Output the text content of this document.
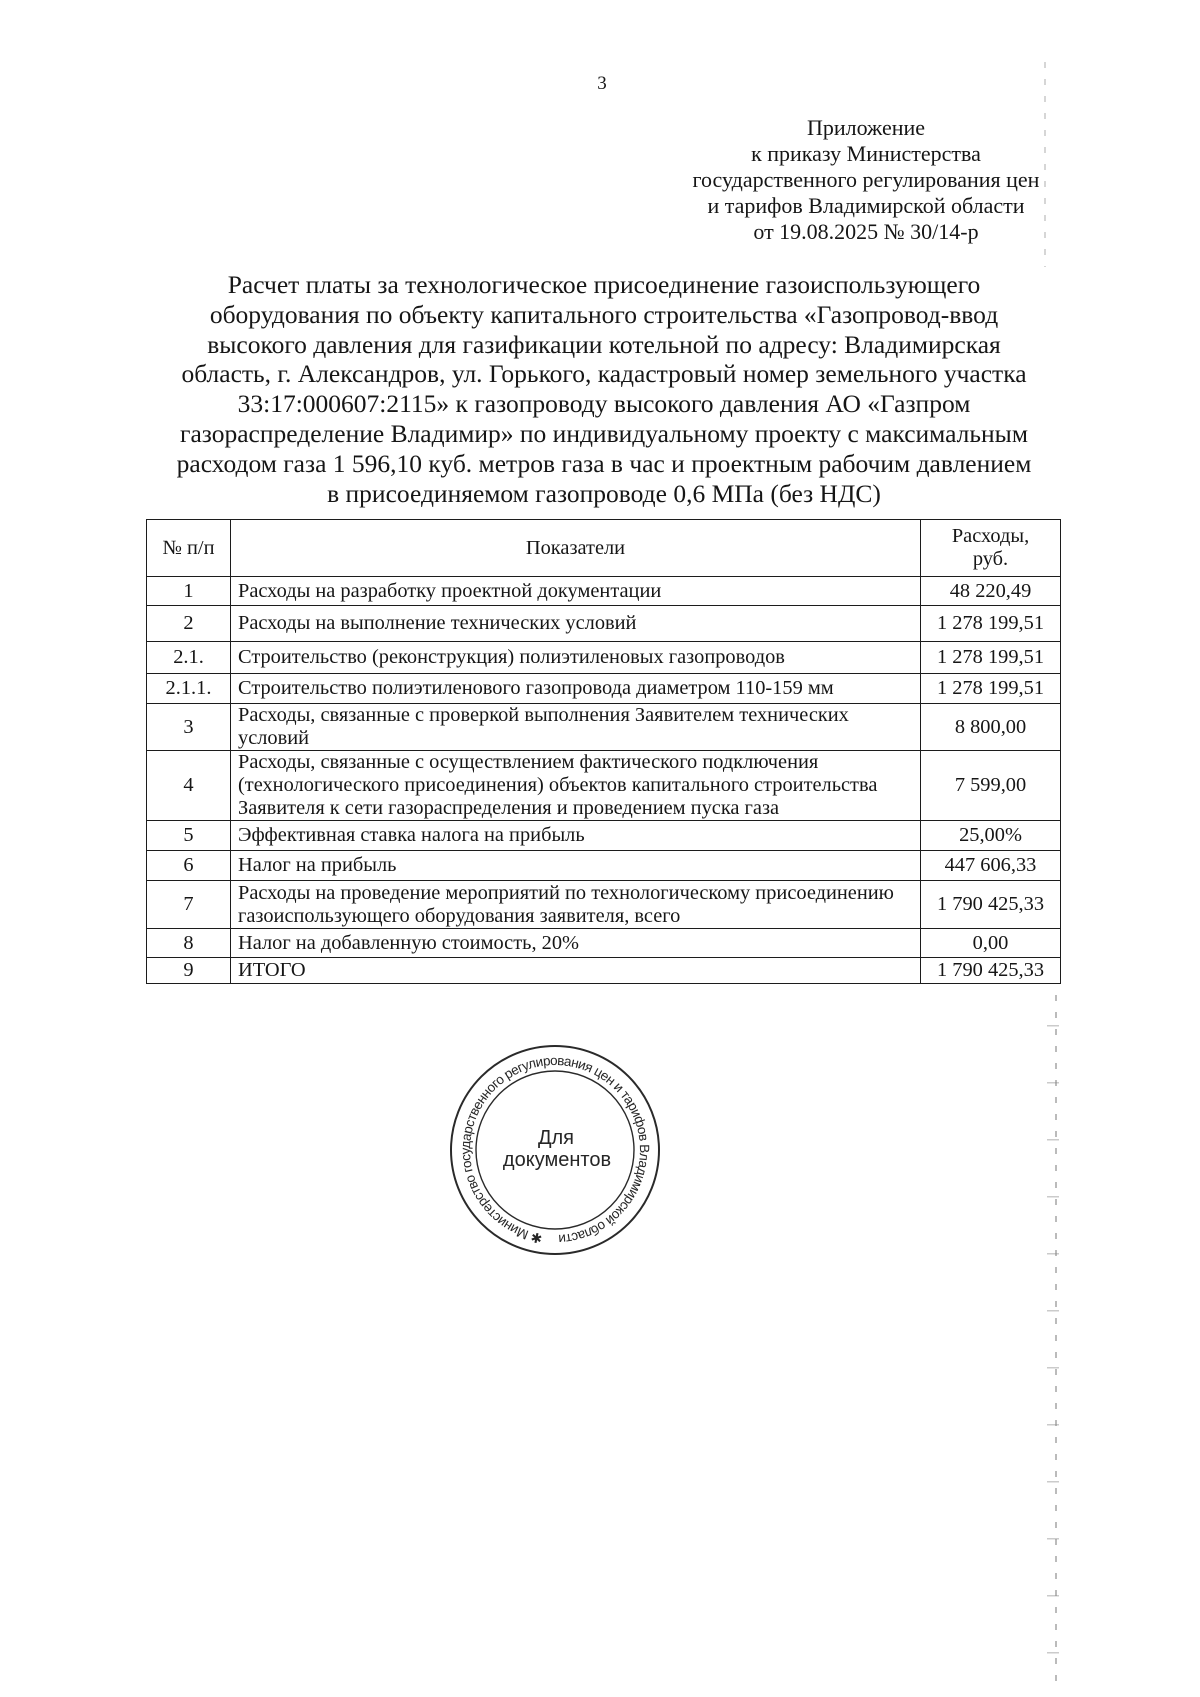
3
Приложение
к приказу Министерства
государственного регулирования цен
и тарифов Владимирской области
от 19.08.2025 № 30/14-р
Расчет платы за технологическое присоединение газоиспользующего
оборудования по объекту капитального строительства «Газопровод-ввод
высокого давления для газификации котельной по адресу: Владимирская
область, г. Александров, ул. Горького, кадастровый номер земельного участка
33:17:000607:2115» к газопроводу высокого давления АО «Газпром
газораспределение Владимир» по индивидуальному проекту с максимальным
расходом газа 1 596,10 куб. метров газа в час и проектным рабочим давлением
в присоединяемом газопроводе 0,6 МПа (без НДС)
№ п/п	Показатели	Расходы,
руб.
1	Расходы на разработку проектной документации	48 220,49
2	Расходы на выполнение технических условий	1 278 199,51
2.1.	Строительство (реконструкция) полиэтиленовых газопроводов	1 278 199,51
2.1.1.	Строительство полиэтиленового газопровода диаметром 110-159 мм	1 278 199,51
3	Расходы, связанные с проверкой выполнения Заявителем технических
условий	8 800,00
4	Расходы, связанные с осуществлением фактического подключения
(технологического присоединения) объектов капитального строительства
Заявителя к сети газораспределения и проведением пуска газа	7 599,00
5	Эффективная ставка налога на прибыль	25,00%
6	Налог на прибыль	447 606,33
7	Расходы на проведение мероприятий по технологическому присоединению
газоиспользующего оборудования заявителя, всего	1 790 425,33
8	Налог на добавленную стоимость, 20%	0,00
9	ИТОГО	1 790 425,33
✱ Министерство государственного регулирования цен и тарифов Владимирской области
Для
документов
